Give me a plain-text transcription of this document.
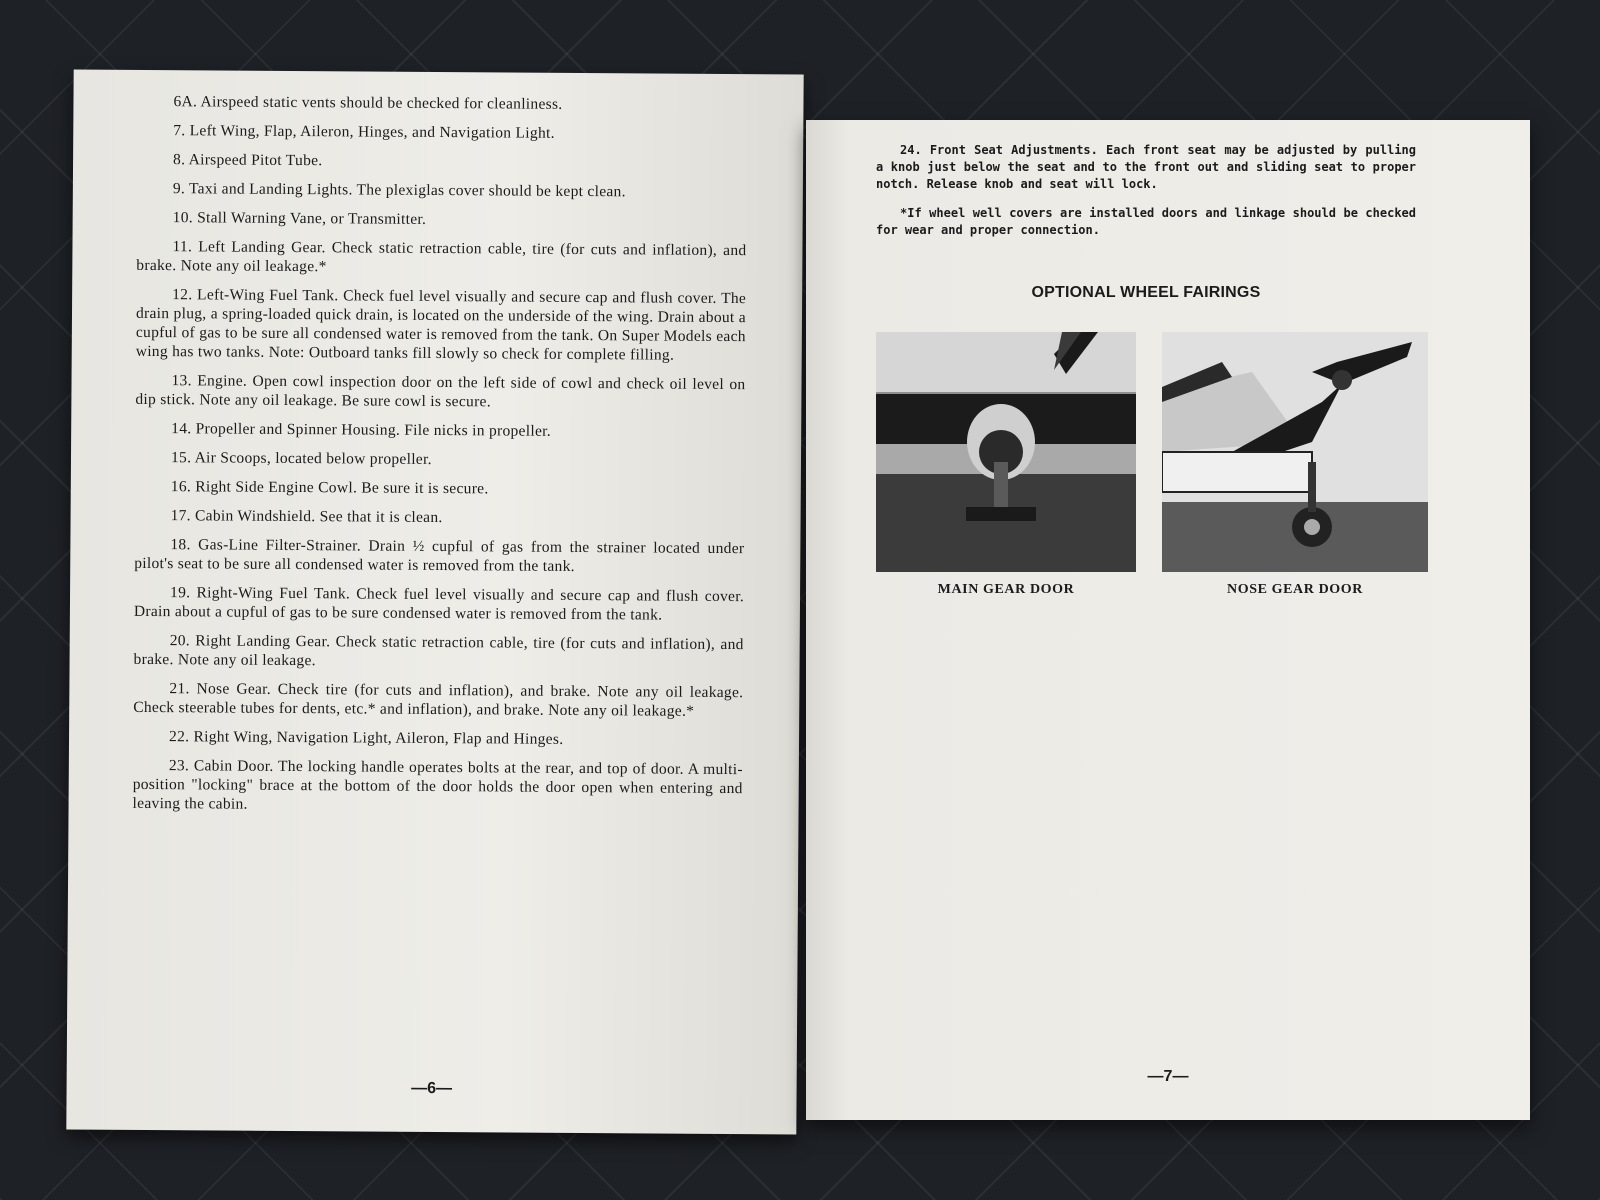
6A. Airspeed static vents should be checked for cleanliness.

7. Left Wing, Flap, Aileron, Hinges, and Navigation Light.

8. Airspeed Pitot Tube.

9. Taxi and Landing Lights. The plexiglas cover should be kept clean.

10. Stall Warning Vane, or Transmitter.

11. Left Landing Gear. Check static retraction cable, tire (for cuts and inflation), and brake. Note any oil leakage.*

12. Left-Wing Fuel Tank. Check fuel level visually and secure cap and flush cover. The drain plug, a spring-loaded quick drain, is located on the underside of the wing. Drain about a cupful of gas to be sure all condensed water is removed from the tank. On Super Models each wing has two tanks. Note: Outboard tanks fill slowly so check for complete filling.

13. Engine. Open cowl inspection door on the left side of cowl and check oil level on dip stick. Note any oil leakage. Be sure cowl is secure.

14. Propeller and Spinner Housing. File nicks in propeller.

15. Air Scoops, located below propeller.

16. Right Side Engine Cowl. Be sure it is secure.

17. Cabin Windshield. See that it is clean.

18. Gas-Line Filter-Strainer. Drain ½ cupful of gas from the strainer located under pilot's seat to be sure all condensed water is removed from the tank.

19. Right-Wing Fuel Tank. Check fuel level visually and secure cap and flush cover. Drain about a cupful of gas to be sure condensed water is removed from the tank.

20. Right Landing Gear. Check static retraction cable, tire (for cuts and inflation), and brake. Note any oil leakage.

21. Nose Gear. Check tire (for cuts and inflation), and brake. Note any oil leakage. Check steerable tubes for dents, etc.* and inflation), and brake. Note any oil leakage.*

22. Right Wing, Navigation Light, Aileron, Flap and Hinges.

23. Cabin Door. The locking handle operates bolts at the rear, and top of door. A multi-position "locking" brace at the bottom of the door holds the door open when entering and leaving the cabin.

—6—

24. Front Seat Adjustments. Each front seat may be adjusted by pulling a knob just below the seat and to the front out and sliding seat to proper notch. Release knob and seat will lock.

*If wheel well covers are installed doors and linkage should be checked for wear and proper connection.

OPTIONAL WHEEL FAIRINGS
MAIN GEAR DOOR	NOSE GEAR DOOR
—7—
